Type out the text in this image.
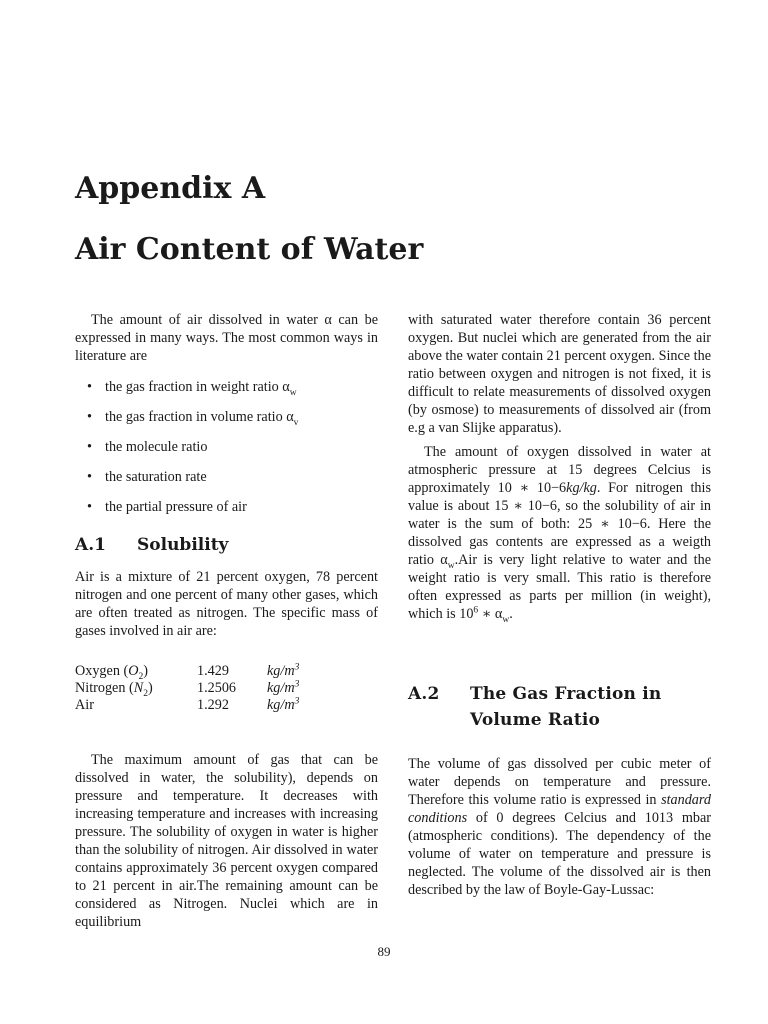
Appendix A
Air Content of Water

The amount of air dissolved in water α can be expressed in many ways. The most common ways in literature are

• the gas fraction in weight ratio $\alpha_w$
• the gas fraction in volume ratio $\alpha_v$
• the molecule ratio
• the saturation rate
• the partial pressure of air
A.1	Solubility

Air is a mixture of 21 percent oxygen, 78 percent nitrogen and one percent of many other gases, which are often treated as nitrogen. The specific mass of gases involved in air are:

Oxygen $(O_2)$	1.429	$kg/m^3$
Nitrogen $(N_2)$	1.2506	$kg/m^3$
Air	1.292	$kg/m^3$

The maximum amount of gas that can be dissolved in water, the solubility), depends on pressure and temperature. It decreases with increasing temperature and increases with increasing pressure. The solubility of oxygen in water is higher than the solubility of nitrogen. Air dissolved in water contains approximately 36 percent oxygen compared to 21 percent in air.The remaining amount can be considered as Nitrogen. Nuclei which are in equilibrium

with saturated water therefore contain 36 percent oxygen. But nuclei which are generated from the air above the water contain 21 percent oxygen. Since the ratio between oxygen and nitrogen is not fixed, it is difficult to relate measurements of dissolved oxygen (by osmose) to measurements of dissolved air (from e.g a van Slijke apparatus).

The amount of oxygen dissolved in water at atmospheric pressure at 15 degrees Celcius is approximately 10 ∗ 10−6kg/kg. For nitrogen this value is about 15 ∗ 10−6, so the solubility of air in water is the sum of both: 25 ∗ 10−6. Here the dissolved gas contents are expressed as a weigth ratio $\alpha_w.Air$ is very light relative to water and the weight ratio is very small. This ratio is therefore often expressed as parts per million (in weight), which is $10^6$ ∗ $\alpha_w$.

A.2	The Gas Fraction in Volume Ratio

The volume of gas dissolved per cubic meter of water depends on temperature and pressure. Therefore this volume ratio is expressed in standard conditions of 0 degrees Celcius and 1013 mbar (atmospheric conditions). The dependency of the volume of water on temperature and pressure is neglected. The volume of the dissolved air is then described by the law of Boyle-Gay-Lussac:

89
